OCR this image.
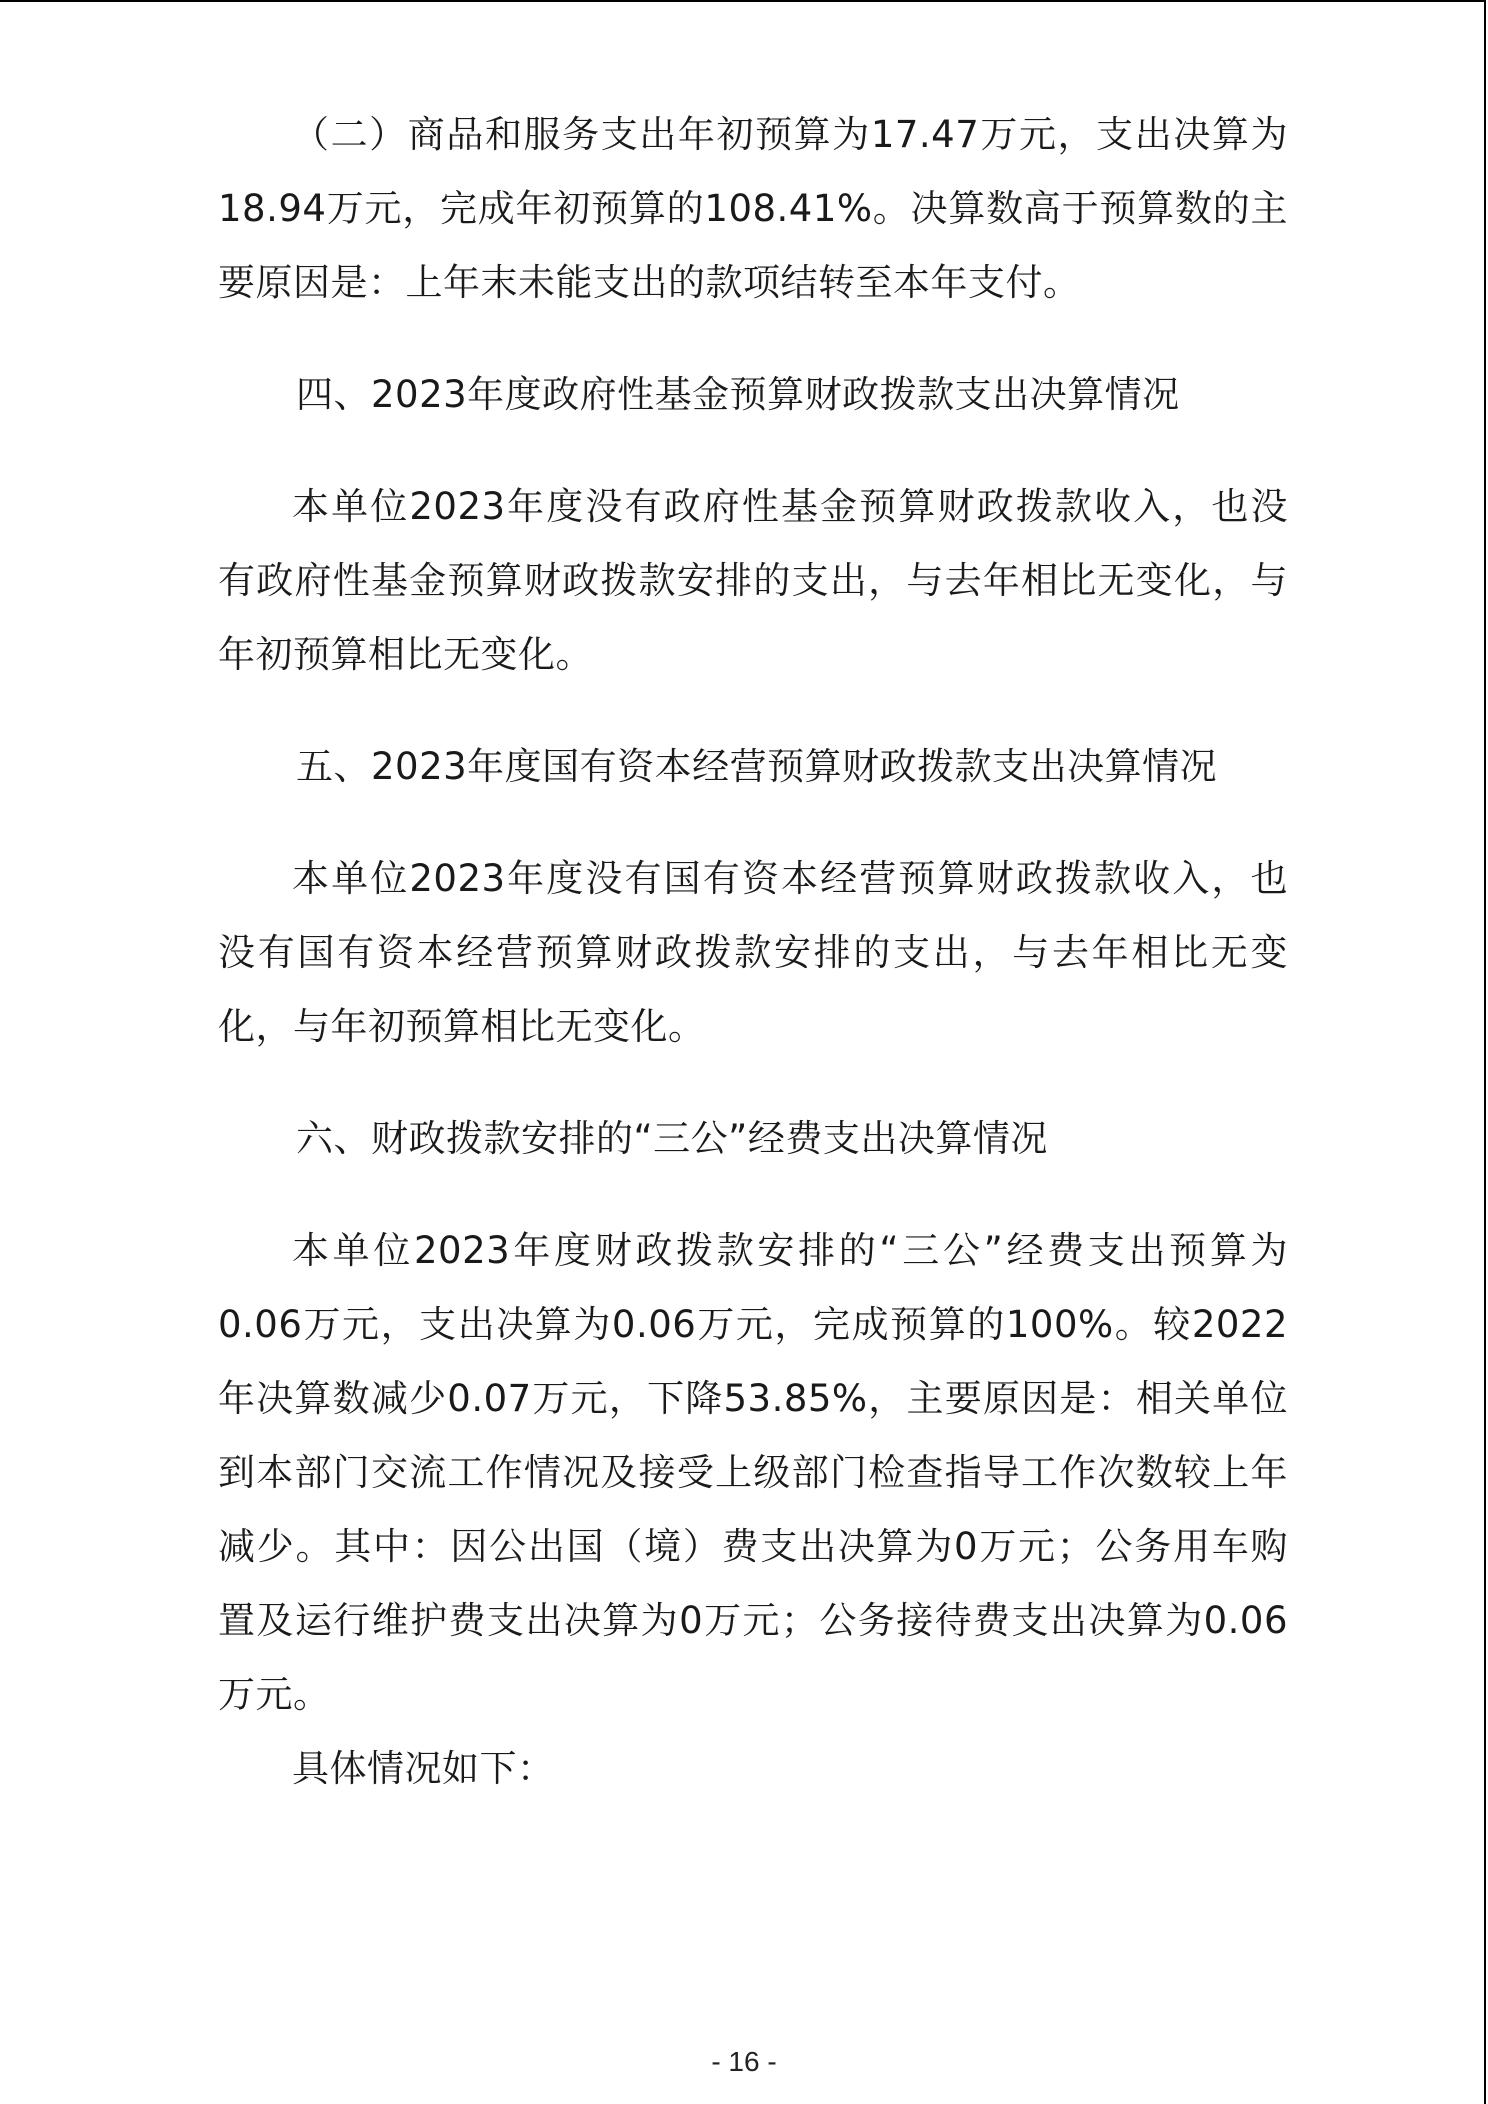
（二）商品和服务支出年初预算为17.47万元，支出决算为18.94万元，完成年初预算的108.41%。决算数高于预算数的主要原因是：上年末未能支出的款项结转至本年支付。

四、2023年度政府性基金预算财政拨款支出决算情况

本单位2023年度没有政府性基金预算财政拨款收入，也没有政府性基金预算财政拨款安排的支出，与去年相比无变化，与年初预算相比无变化。

五、2023年度国有资本经营预算财政拨款支出决算情况

本单位2023年度没有国有资本经营预算财政拨款收入，也没有国有资本经营预算财政拨款安排的支出，与去年相比无变化，与年初预算相比无变化。

六、财政拨款安排的“三公”经费支出决算情况

本单位2023年度财政拨款安排的“三公”经费支出预算为0.06万元，支出决算为0.06万元，完成预算的100%。较2022年决算数减少0.07万元，下降53.85%，主要原因是：相关单位到本部门交流工作情况及接受上级部门检查指导工作次数较上年减少。其中：因公出国（境）费支出决算为0万元；公务用车购置及运行维护费支出决算为0万元；公务接待费支出决算为0.06万元。

具体情况如下：

- 16 -
